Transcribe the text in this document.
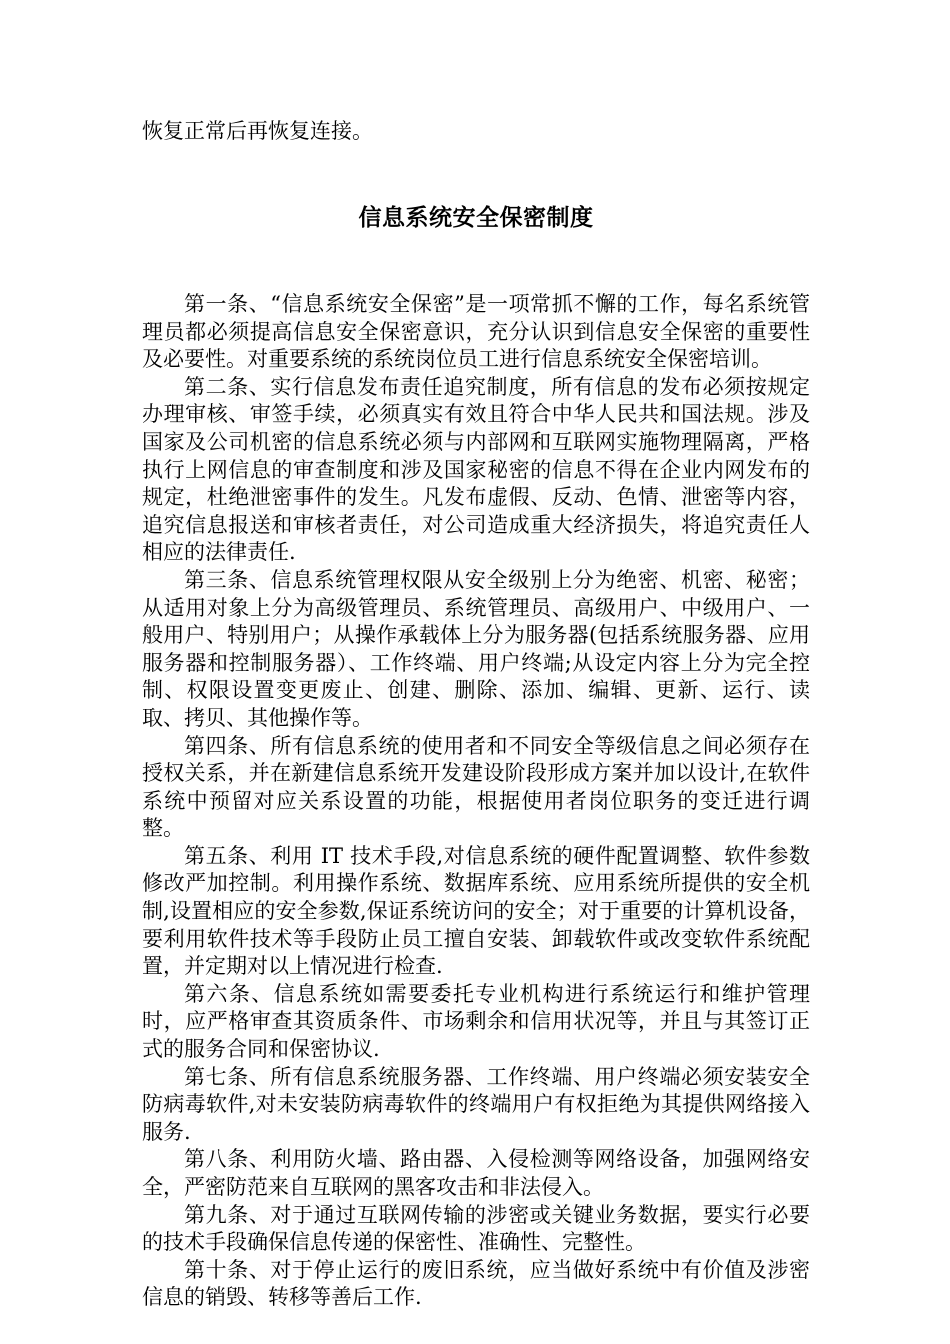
恢复正常后再恢复连接。

信息系统安全保密制度

第一条、“信息系统安全保密”是一项常抓不懈的工作，每名系统管理员都必须提高信息安全保密意识，充分认识到信息安全保密的重要性及必要性。对重要系统的系统岗位员工进行信息系统安全保密培训。

第二条、实行信息发布责任追究制度，所有信息的发布必须按规定办理审核、审签手续，必须真实有效且符合中华人民共和国法规。涉及国家及公司机密的信息系统必须与内部网和互联网实施物理隔离，严格执行上网信息的审查制度和涉及国家秘密的信息不得在企业内网发布的规定，杜绝泄密事件的发生。凡发布虚假、反动、色情、泄密等内容，追究信息报送和审核者责任，对公司造成重大经济损失，将追究责任人相应的法律责任.

第三条、信息系统管理权限从安全级别上分为绝密、机密、秘密；从适用对象上分为高级管理员、系统管理员、高级用户、中级用户、一般用户、特别用户；从操作承载体上分为服务器(包括系统服务器、应用服务器和控制服务器）、工作终端、用户终端;从设定内容上分为完全控制、权限设置变更废止、创建、删除、添加、编辑、更新、运行、读取、拷贝、其他操作等。

第四条、所有信息系统的使用者和不同安全等级信息之间必须存在授权关系，并在新建信息系统开发建设阶段形成方案并加以设计,在软件系统中预留对应关系设置的功能，根据使用者岗位职务的变迁进行调整。

第五条、利用 IT 技术手段,对信息系统的硬件配置调整、软件参数修改严加控制。利用操作系统、数据库系统、应用系统所提供的安全机制,设置相应的安全参数,保证系统访问的安全；对于重要的计算机设备，要利用软件技术等手段防止员工擅自安装、卸载软件或改变软件系统配置，并定期对以上情况进行检查.

第六条、信息系统如需要委托专业机构进行系统运行和维护管理时，应严格审查其资质条件、市场剩余和信用状况等，并且与其签订正式的服务合同和保密协议.

第七条、所有信息系统服务器、工作终端、用户终端必须安装安全防病毒软件,对未安装防病毒软件的终端用户有权拒绝为其提供网络接入服务.

第八条、利用防火墙、路由器、入侵检测等网络设备，加强网络安全，严密防范来自互联网的黑客攻击和非法侵入。

第九条、对于通过互联网传输的涉密或关键业务数据，要实行必要的技术手段确保信息传递的保密性、准确性、完整性。

第十条、对于停止运行的废旧系统，应当做好系统中有价值及涉密信息的销毁、转移等善后工作.
